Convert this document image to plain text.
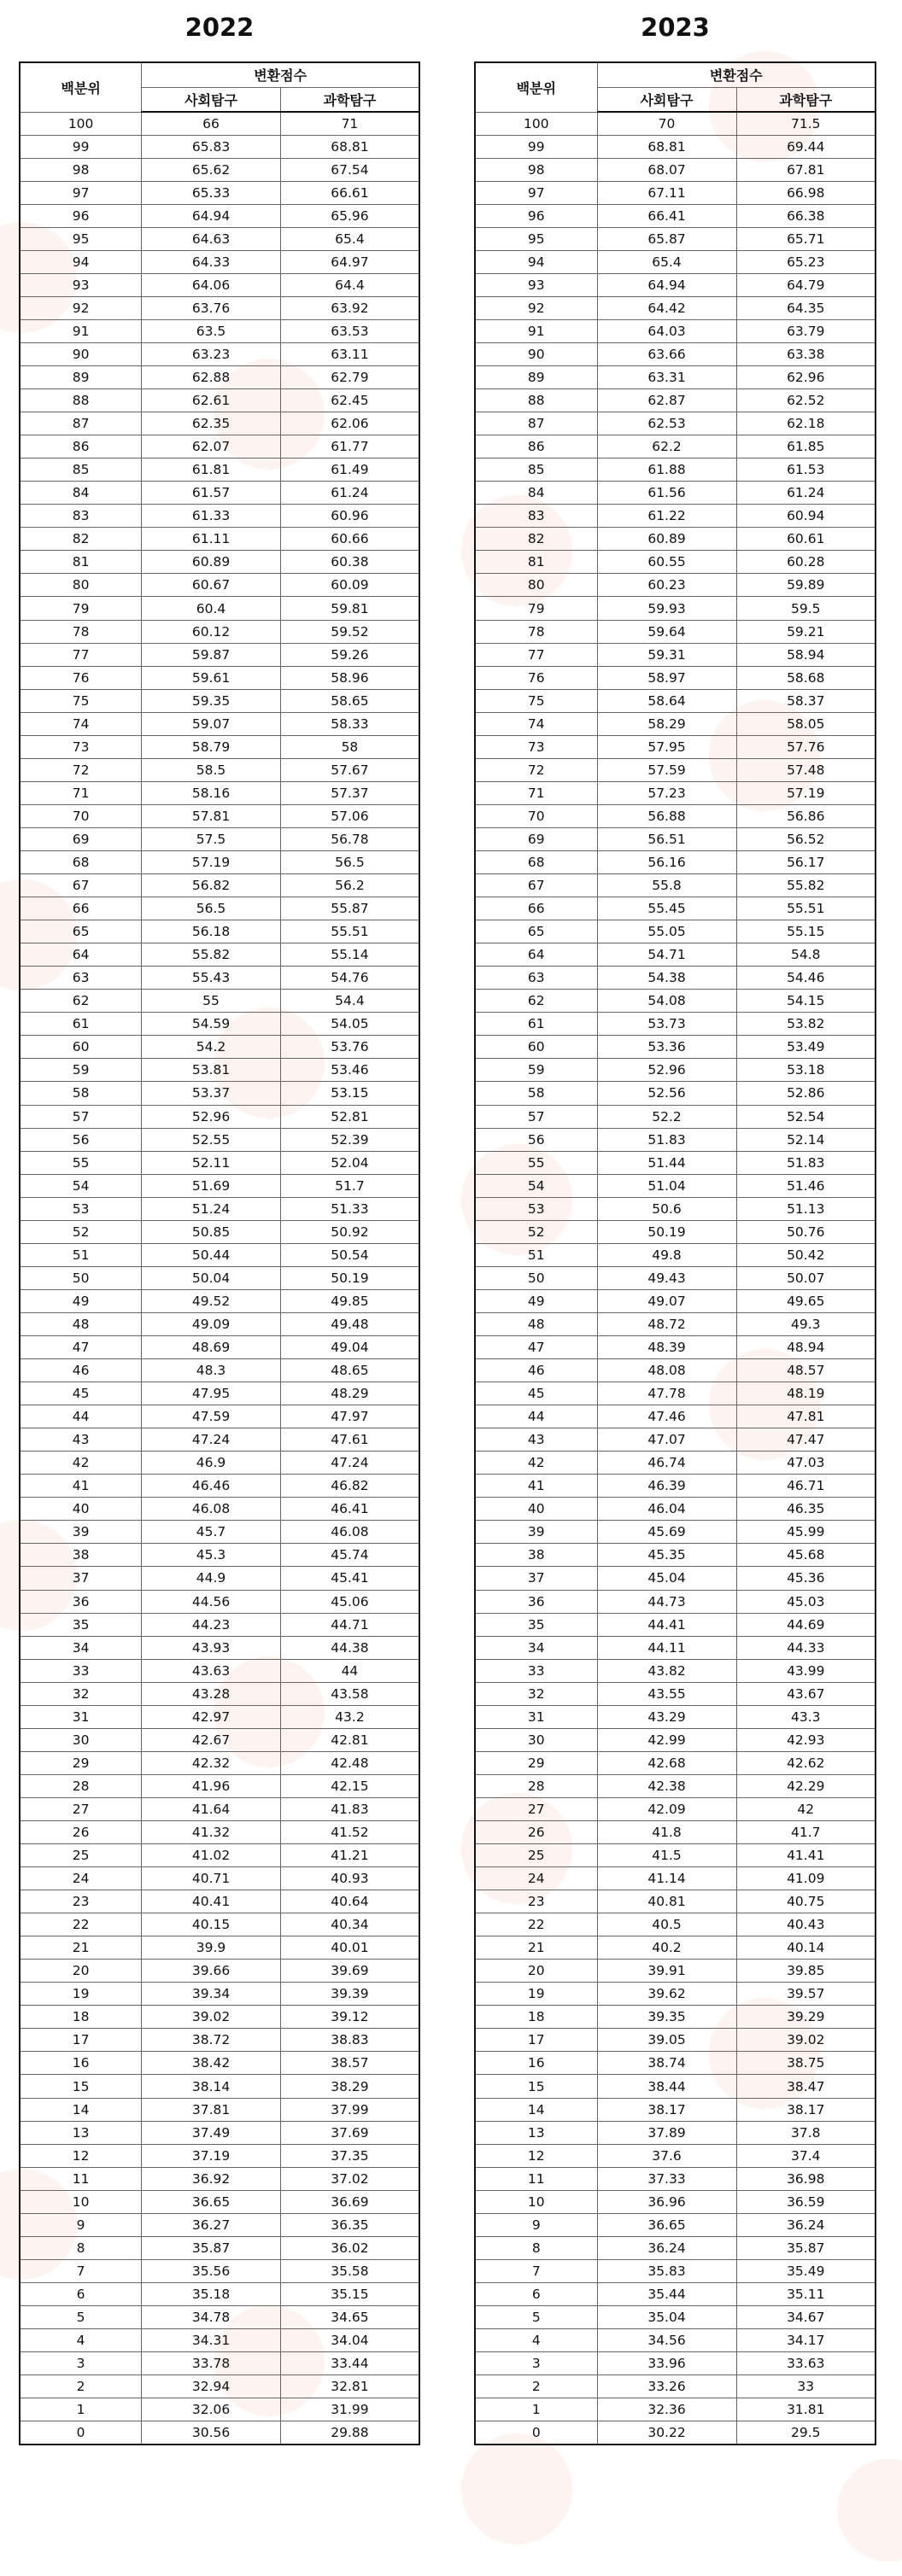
2022	2023
백분위	변환점수	
	사회탐구	과학탐구
100	66	71
99	65.83	68.81
98	65.62	67.54
97	65.33	66.61
96	64.94	65.96
95	64.63	65.4
94	64.33	64.97
93	64.06	64.4
92	63.76	63.92
91	63.5	63.53
90	63.23	63.11
89	62.88	62.79
88	62.61	62.45
87	62.35	62.06
86	62.07	61.77
85	61.81	61.49
84	61.57	61.24
83	61.33	60.96
82	61.11	60.66
81	60.89	60.38
80	60.67	60.09
79	60.4	59.81
78	60.12	59.52
77	59.87	59.26
76	59.61	58.96
75	59.35	58.65
74	59.07	58.33
73	58.79	58
72	58.5	57.67
71	58.16	57.37
70	57.81	57.06
69	57.5	56.78
68	57.19	56.5
67	56.82	56.2
66	56.5	55.87
65	56.18	55.51
64	55.82	55.14
63	55.43	54.76
62	55	54.4
61	54.59	54.05
60	54.2	53.76
59	53.81	53.46
58	53.37	53.15
57	52.96	52.81
56	52.55	52.39
55	52.11	52.04
54	51.69	51.7
53	51.24	51.33
52	50.85	50.92
51	50.44	50.54
50	50.04	50.19
49	49.52	49.85
48	49.09	49.48
47	48.69	49.04
46	48.3	48.65
45	47.95	48.29
44	47.59	47.97
43	47.24	47.61
42	46.9	47.24
41	46.46	46.82
40	46.08	46.41
39	45.7	46.08
38	45.3	45.74
37	44.9	45.41
36	44.56	45.06
35	44.23	44.71
34	43.93	44.38
33	43.63	44
32	43.28	43.58
31	42.97	43.2
30	42.67	42.81
29	42.32	42.48
28	41.96	42.15
27	41.64	41.83
26	41.32	41.52
25	41.02	41.21
24	40.71	40.93
23	40.41	40.64
22	40.15	40.34
21	39.9	40.01
20	39.66	39.69
19	39.34	39.39
18	39.02	39.12
17	38.72	38.83
16	38.42	38.57
15	38.14	38.29
14	37.81	37.99
13	37.49	37.69
12	37.19	37.35
11	36.92	37.02
10	36.65	36.69
9	36.27	36.35
8	35.87	36.02
7	35.56	35.58
6	35.18	35.15
5	34.78	34.65
4	34.31	34.04
3	33.78	33.44
2	32.94	32.81
1	32.06	31.99
0	30.56	29.88
백분위	변환점수	
	사회탐구	과학탐구
100	70	71.5
99	68.81	69.44
98	68.07	67.81
97	67.11	66.98
96	66.41	66.38
95	65.87	65.71
94	65.4	65.23
93	64.94	64.79
92	64.42	64.35
91	64.03	63.79
90	63.66	63.38
89	63.31	62.96
88	62.87	62.52
87	62.53	62.18
86	62.2	61.85
85	61.88	61.53
84	61.56	61.24
83	61.22	60.94
82	60.89	60.61
81	60.55	60.28
80	60.23	59.89
79	59.93	59.5
78	59.64	59.21
77	59.31	58.94
76	58.97	58.68
75	58.64	58.37
74	58.29	58.05
73	57.95	57.76
72	57.59	57.48
71	57.23	57.19
70	56.88	56.86
69	56.51	56.52
68	56.16	56.17
67	55.8	55.82
66	55.45	55.51
65	55.05	55.15
64	54.71	54.8
63	54.38	54.46
62	54.08	54.15
61	53.73	53.82
60	53.36	53.49
59	52.96	53.18
58	52.56	52.86
57	52.2	52.54
56	51.83	52.14
55	51.44	51.83
54	51.04	51.46
53	50.6	51.13
52	50.19	50.76
51	49.8	50.42
50	49.43	50.07
49	49.07	49.65
48	48.72	49.3
47	48.39	48.94
46	48.08	48.57
45	47.78	48.19
44	47.46	47.81
43	47.07	47.47
42	46.74	47.03
41	46.39	46.71
40	46.04	46.35
39	45.69	45.99
38	45.35	45.68
37	45.04	45.36
36	44.73	45.03
35	44.41	44.69
34	44.11	44.33
33	43.82	43.99
32	43.55	43.67
31	43.29	43.3
30	42.99	42.93
29	42.68	42.62
28	42.38	42.29
27	42.09	42
26	41.8	41.7
25	41.5	41.41
24	41.14	41.09
23	40.81	40.75
22	40.5	40.43
21	40.2	40.14
20	39.91	39.85
19	39.62	39.57
18	39.35	39.29
17	39.05	39.02
16	38.74	38.75
15	38.44	38.47
14	38.17	38.17
13	37.89	37.8
12	37.6	37.4
11	37.33	36.98
10	36.96	36.59
9	36.65	36.24
8	36.24	35.87
7	35.83	35.49
6	35.44	35.11
5	35.04	34.67
4	34.56	34.17
3	33.96	33.63
2	33.26	33
1	32.36	31.81
0	30.22	29.5
